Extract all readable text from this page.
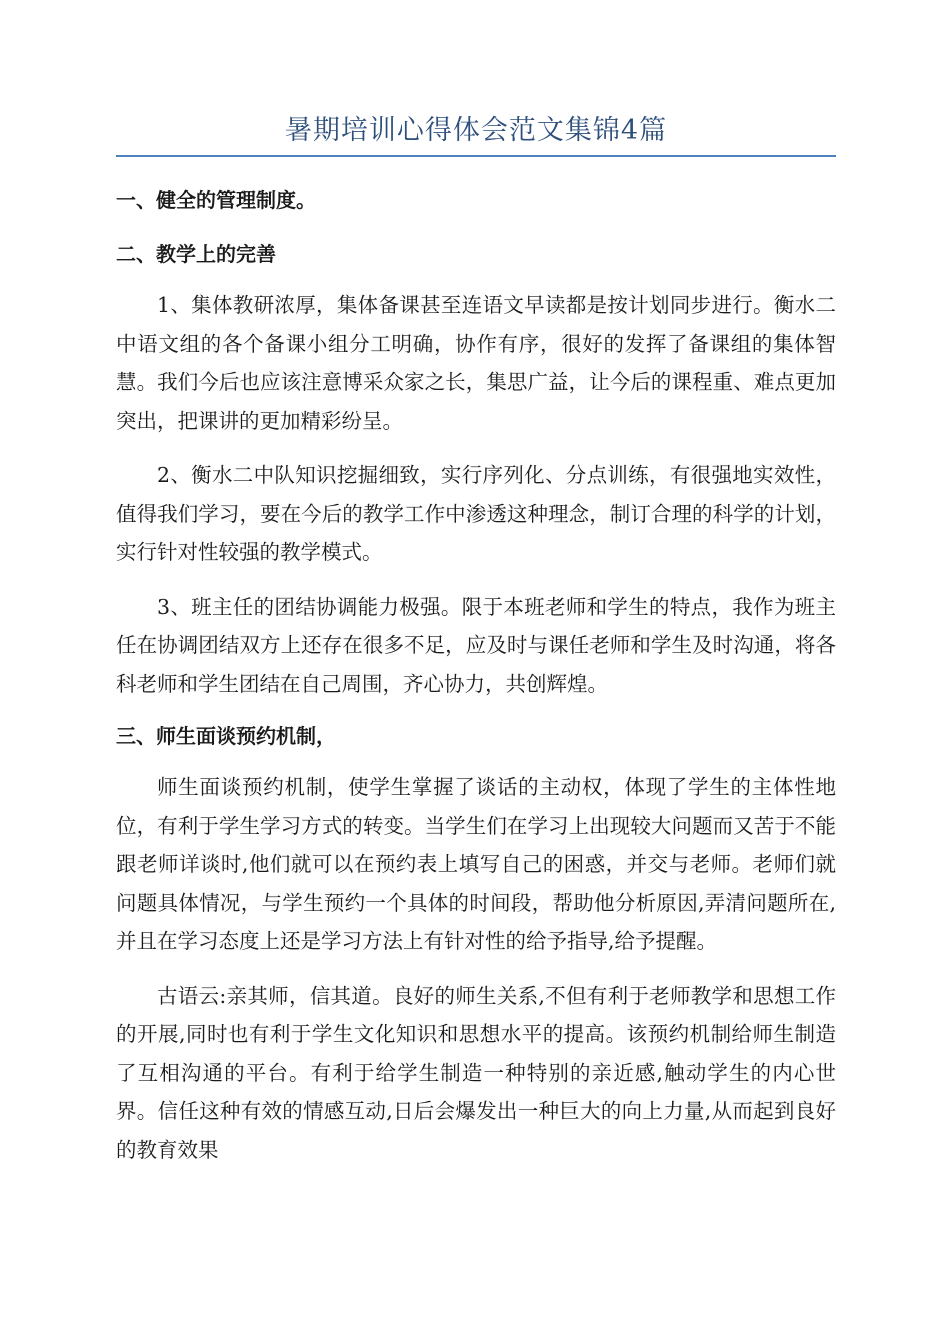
暑期培训心得体会范文集锦4篇
一、健全的管理制度。
二、教学上的完善

1、集体教研浓厚，集体备课甚至连语文早读都是按计划同步进行。衡水二中语文组的各个备课小组分工明确，协作有序，很好的发挥了备课组的集体智慧。我们今后也应该注意博采众家之长，集思广益，让今后的课程重、难点更加突出，把课讲的更加精彩纷呈。

2、衡水二中队知识挖掘细致，实行序列化、分点训练，有很强地实效性，值得我们学习，要在今后的教学工作中渗透这种理念，制订合理的科学的计划，实行针对性较强的教学模式。

3、班主任的团结协调能力极强。限于本班老师和学生的特点，我作为班主任在协调团结双方上还存在很多不足，应及时与课任老师和学生及时沟通，将各科老师和学生团结在自己周围，齐心协力，共创辉煌。

三、师生面谈预约机制，

师生面谈预约机制，使学生掌握了谈话的主动权，体现了学生的主体性地位，有利于学生学习方式的转变。当学生们在学习上出现较大问题而又苦于不能跟老师详谈时,他们就可以在预约表上填写自己的困惑，并交与老师。老师们就问题具体情况，与学生预约一个具体的时间段，帮助他分析原因,弄清问题所在,并且在学习态度上还是学习方法上有针对性的给予指导,给予提醒。

古语云:亲其师，信其道。良好的师生关系,不但有利于老师教学和思想工作的开展,同时也有利于学生文化知识和思想水平的提高。该预约机制给师生制造了互相沟通的平台。有利于给学生制造一种特别的亲近感,触动学生的内心世界。信任这种有效的情感互动,日后会爆发出一种巨大的向上力量,从而起到良好的教育效果
